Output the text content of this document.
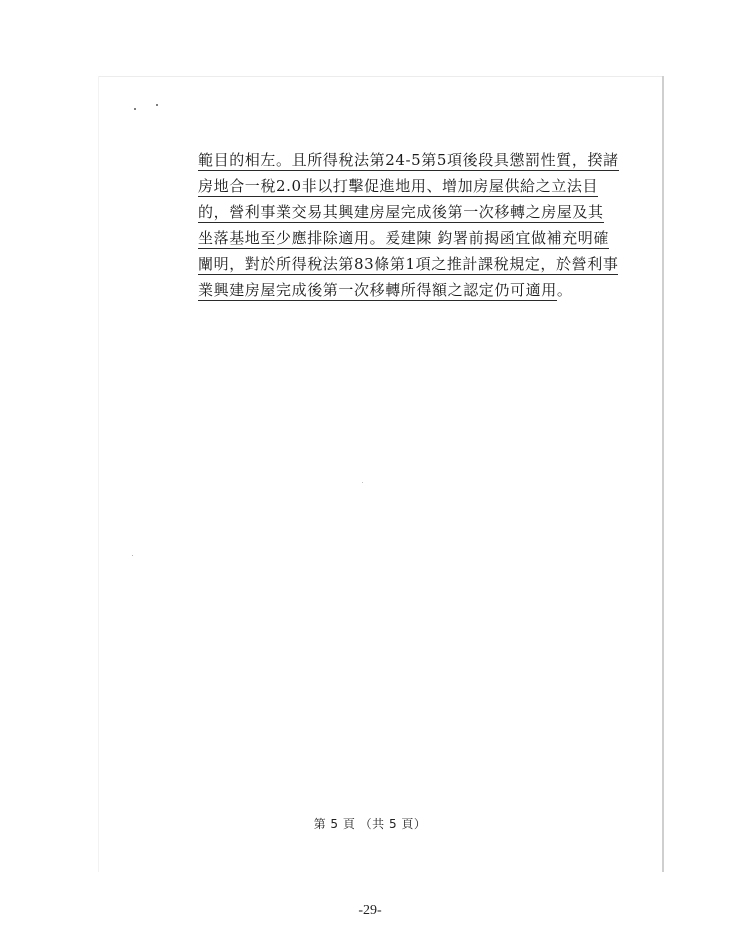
範目的相左。且所得稅法第24-5第5項後段具懲罰性質，揆諸
房地合一稅2.0非以打擊促進地用、增加房屋供給之立法目
的，營利事業交易其興建房屋完成後第一次移轉之房屋及其
坐落基地至少應排除適用。爰建陳 鈞署前揭函宜做補充明確
闡明，對於所得稅法第83條第1項之推計課稅規定，於營利事
業興建房屋完成後第一次移轉所得額之認定仍可適用。
第 5 頁 （共 5 頁）
-29-
